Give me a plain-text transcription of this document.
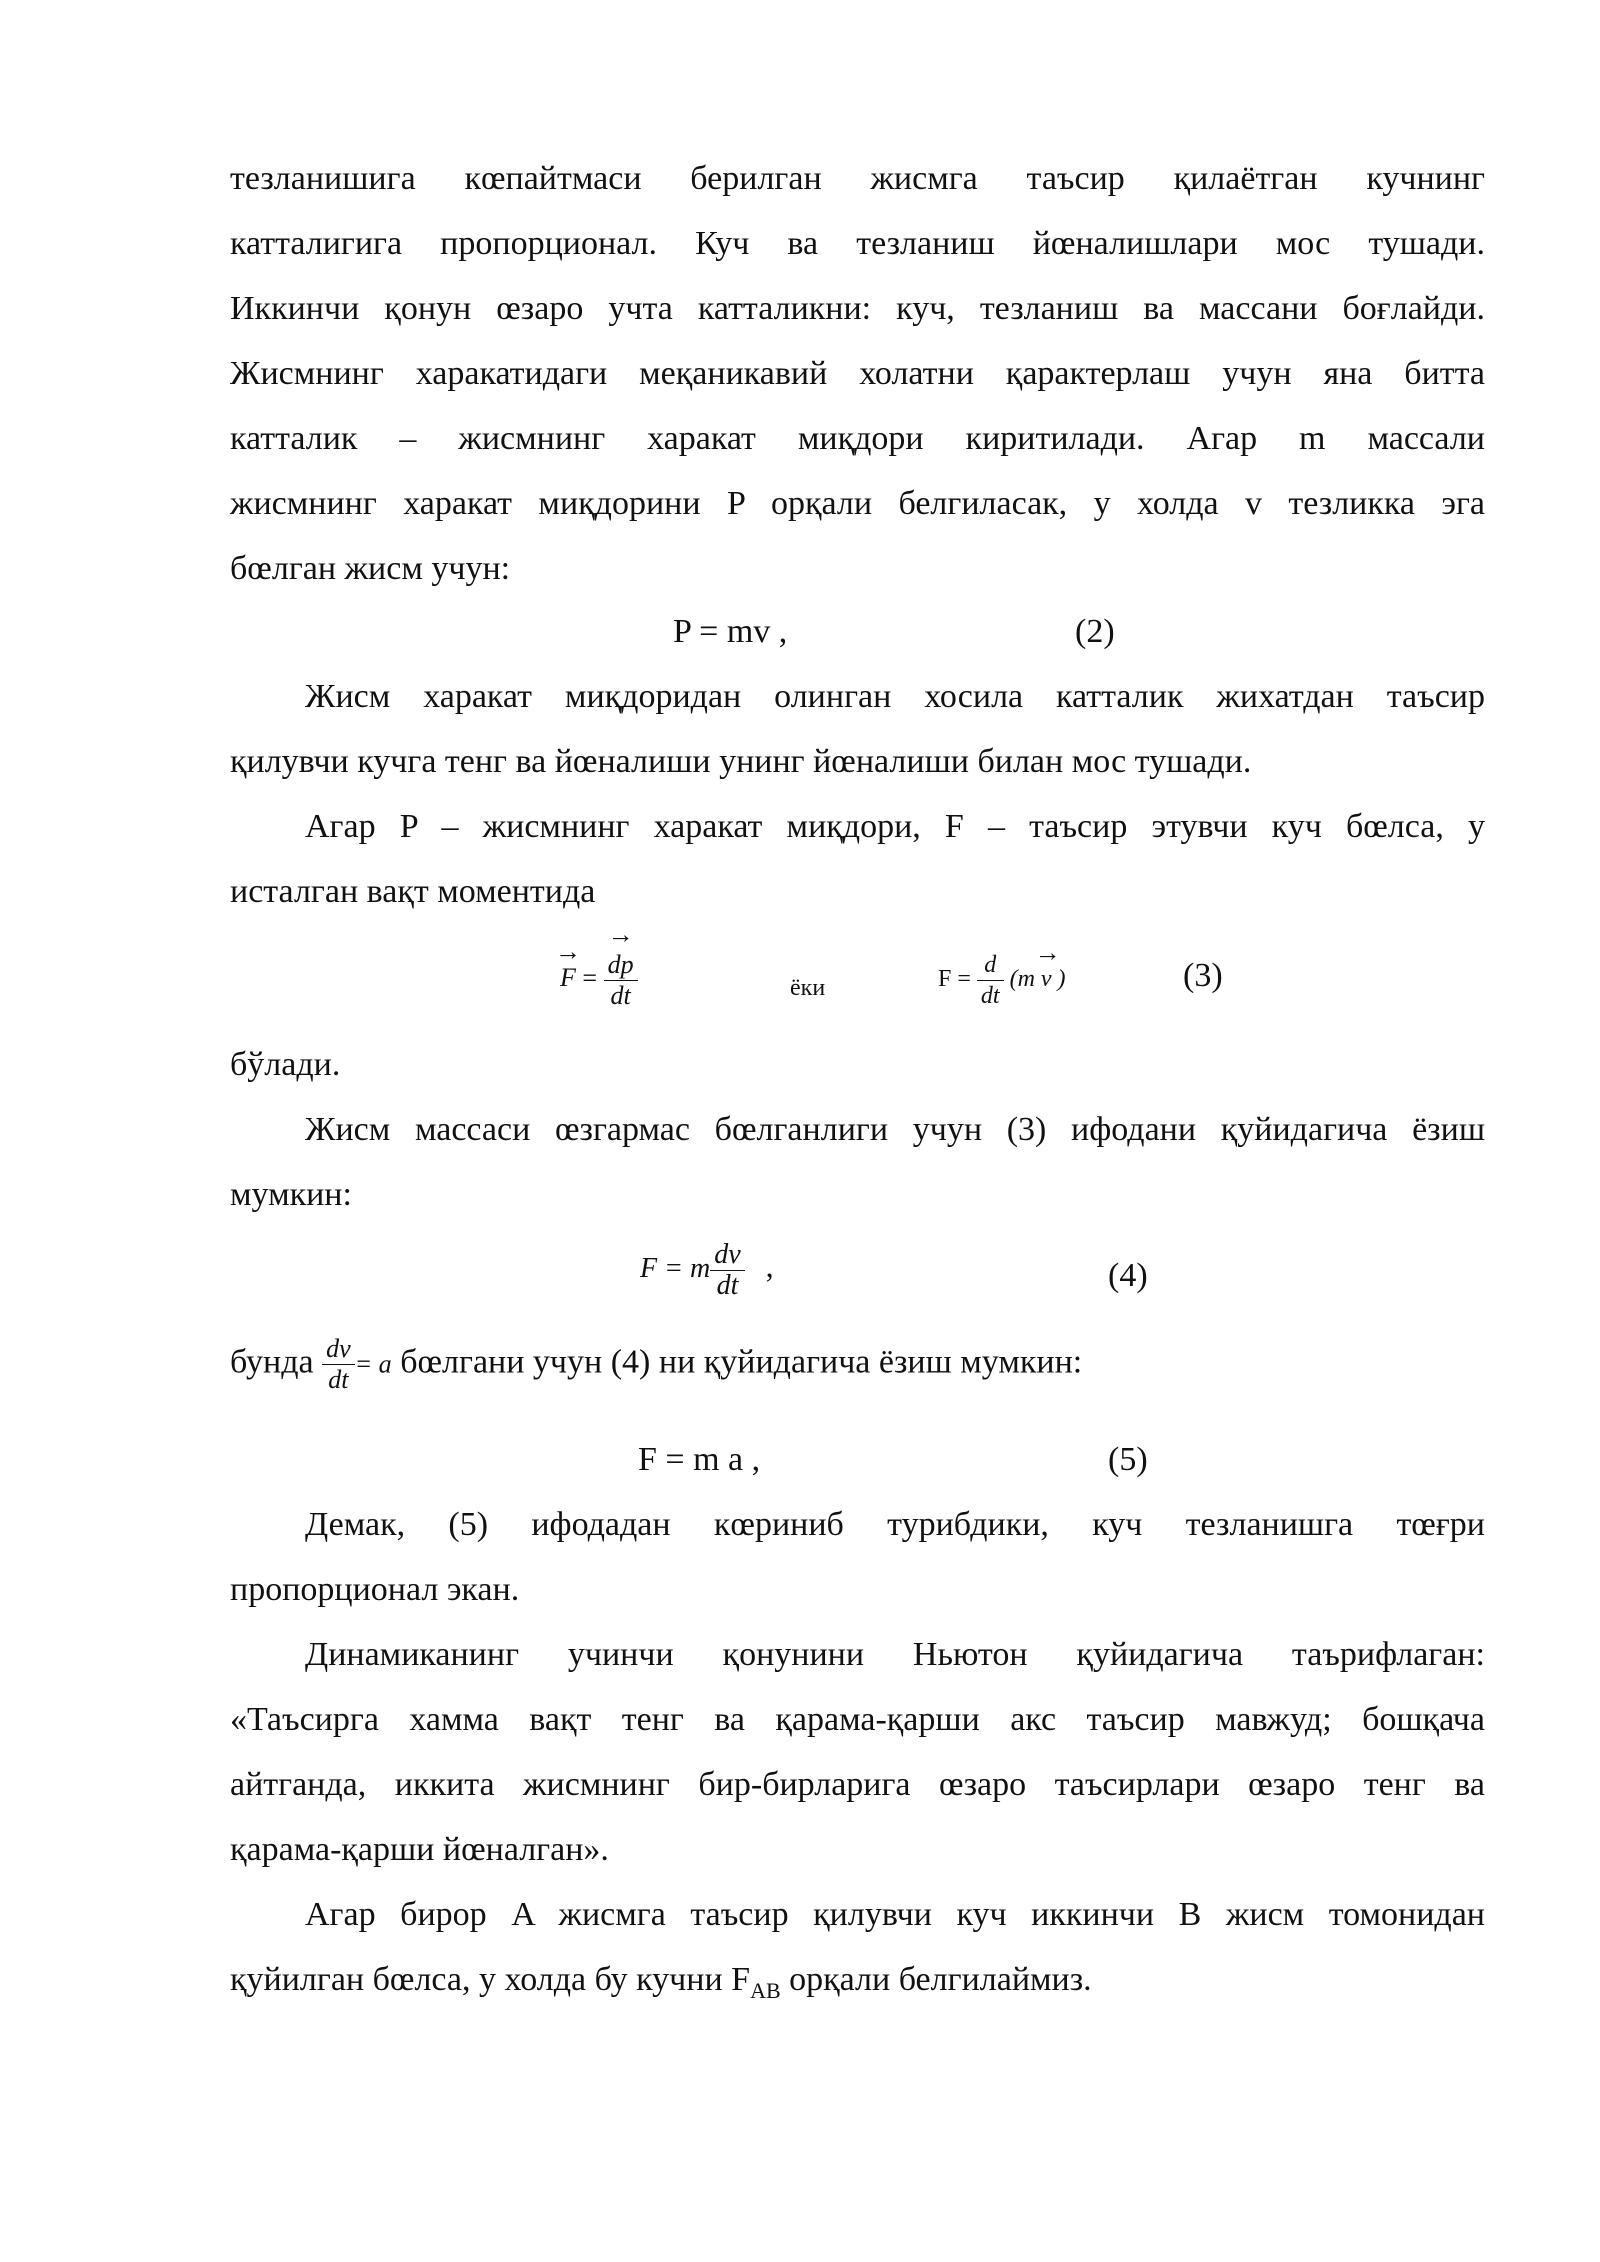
тезланишига кœпайтмаси берилган жисмга таъсир қилаётган кучнинг
катталигига пропорционал. Куч ва тезланиш йœналишлари мос тушади.
Иккинчи қонун œзаро учта катталикни: куч, тезланиш ва массани боғлайди.
Жисмнинг харакатидаги меқаникавий холатни қарактерлаш учун яна битта
катталик – жисмнинг харакат миқдори киритилади. Агар m массали
жисмнинг харакат миқдорини P орқали белгиласак, у холда v тезликка эга
бœлган жисм учун:
P = mv ,	(2)
Жисм харакат миқдоридан олинган хосила катталик жихатдан таъсир
қилувчи кучга тенг ва йœналиши унинг йœналиши билан мос тушади.
Агар P – жисмнинг харакат миқдори, F – таъсир этувчи куч бœлса, у
исталган вақт моментида
→
F = →
dp
dt	ёки	$F = \frac{d}{dt}$
→
(m v )	(3)
бўлади.
Жисм массаси œзгармас бœлганлиги учун (3) ифодани қуйидагича ёзиш
мумкин:
F = m $\frac{dv}{dt}$ ,	(4)
бунда $\frac{dv}{dt} = a$ бœлгани учун (4) ни қуйидагича ёзиш мумкин:
F = m a ,	(5)
Демак, (5) ифодадан кœриниб турибдики, куч тезланишга тœғри
пропорционал экан.
Динамиканинг учинчи қонунини Ньютон қуйидагича таърифлаган:
«Таъсирга хамма вақт тенг ва қарама-қарши акс таъсир мавжуд; бошқача
айтганда, иккита жисмнинг бир-бирларига œзаро таъсирлари œзаро тенг ва
қарама-қарши йœналган».
Агар бирор A жисмга таъсир қилувчи куч иккинчи B жисм томонидан
қуйилган бœлса, у холда бу кучни $F_{AB}$ орқали белгилаймиз.
